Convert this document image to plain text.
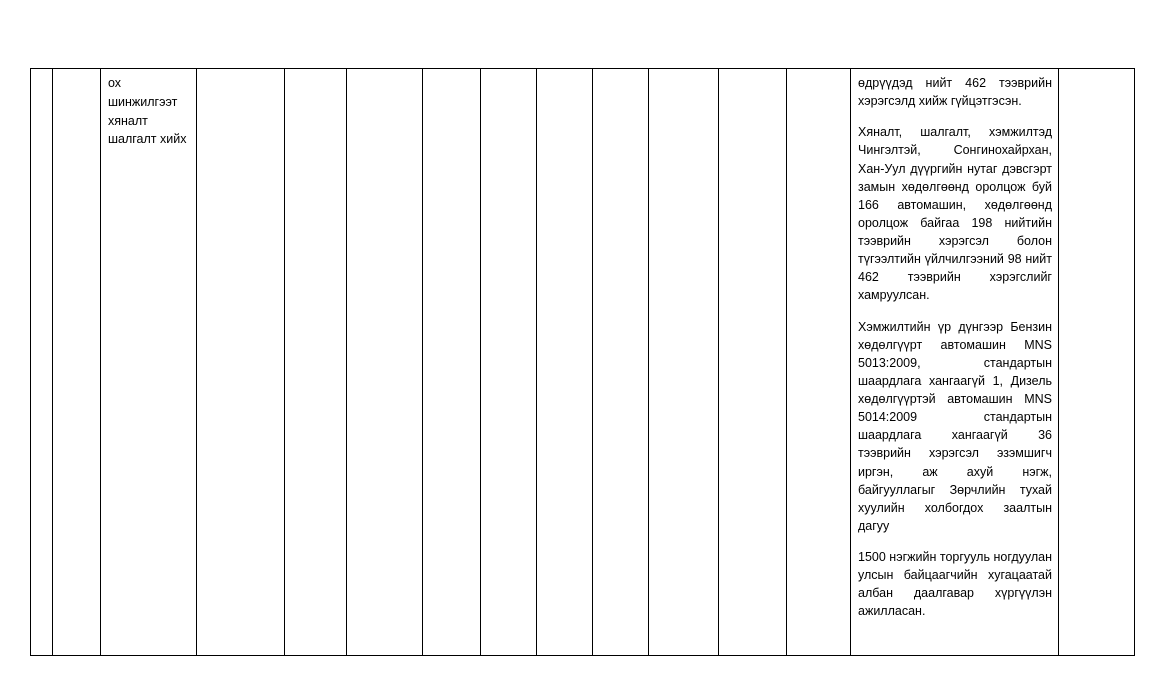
ох шинжилгээт хяналт шалгалт хийх

өдрүүдэд нийт 462 тээврийн хэрэгсэлд хийж гүйцэтгэсэн.

Хяналт, шалгалт, хэмжилтэд Чингэлтэй, Сонгинохайрхан, Хан-Уул дүүргийн нутаг дэвсгэрт замын хөдөлгөөнд оролцож буй 166 автомашин, хөдөлгөөнд оролцож байгаа 198 нийтийн тээврийн хэрэгсэл болон түгээлтийн үйлчилгээний 98 нийт 462 тээврийн хэрэгслийг хамруулсан.

Хэмжилтийн үр дүнгээр Бензин хөдөлгүүрт автомашин MNS 5013:2009, стандартын шаардлага хангаагүй 1, Дизель хөдөлгүүртэй автомашин MNS 5014:2009 стандартын шаардлага хангаагүй 36 тээврийн хэрэгсэл эзэмшигч иргэн, аж ахуй нэгж, байгууллагыг Зөрчлийн тухай хуулийн холбогдох заалтын дагуу

1500 нэгжийн торгууль ногдуулан улсын байцаагчийн хугацаатай албан даалгавар хүргүүлэн ажилласан.
